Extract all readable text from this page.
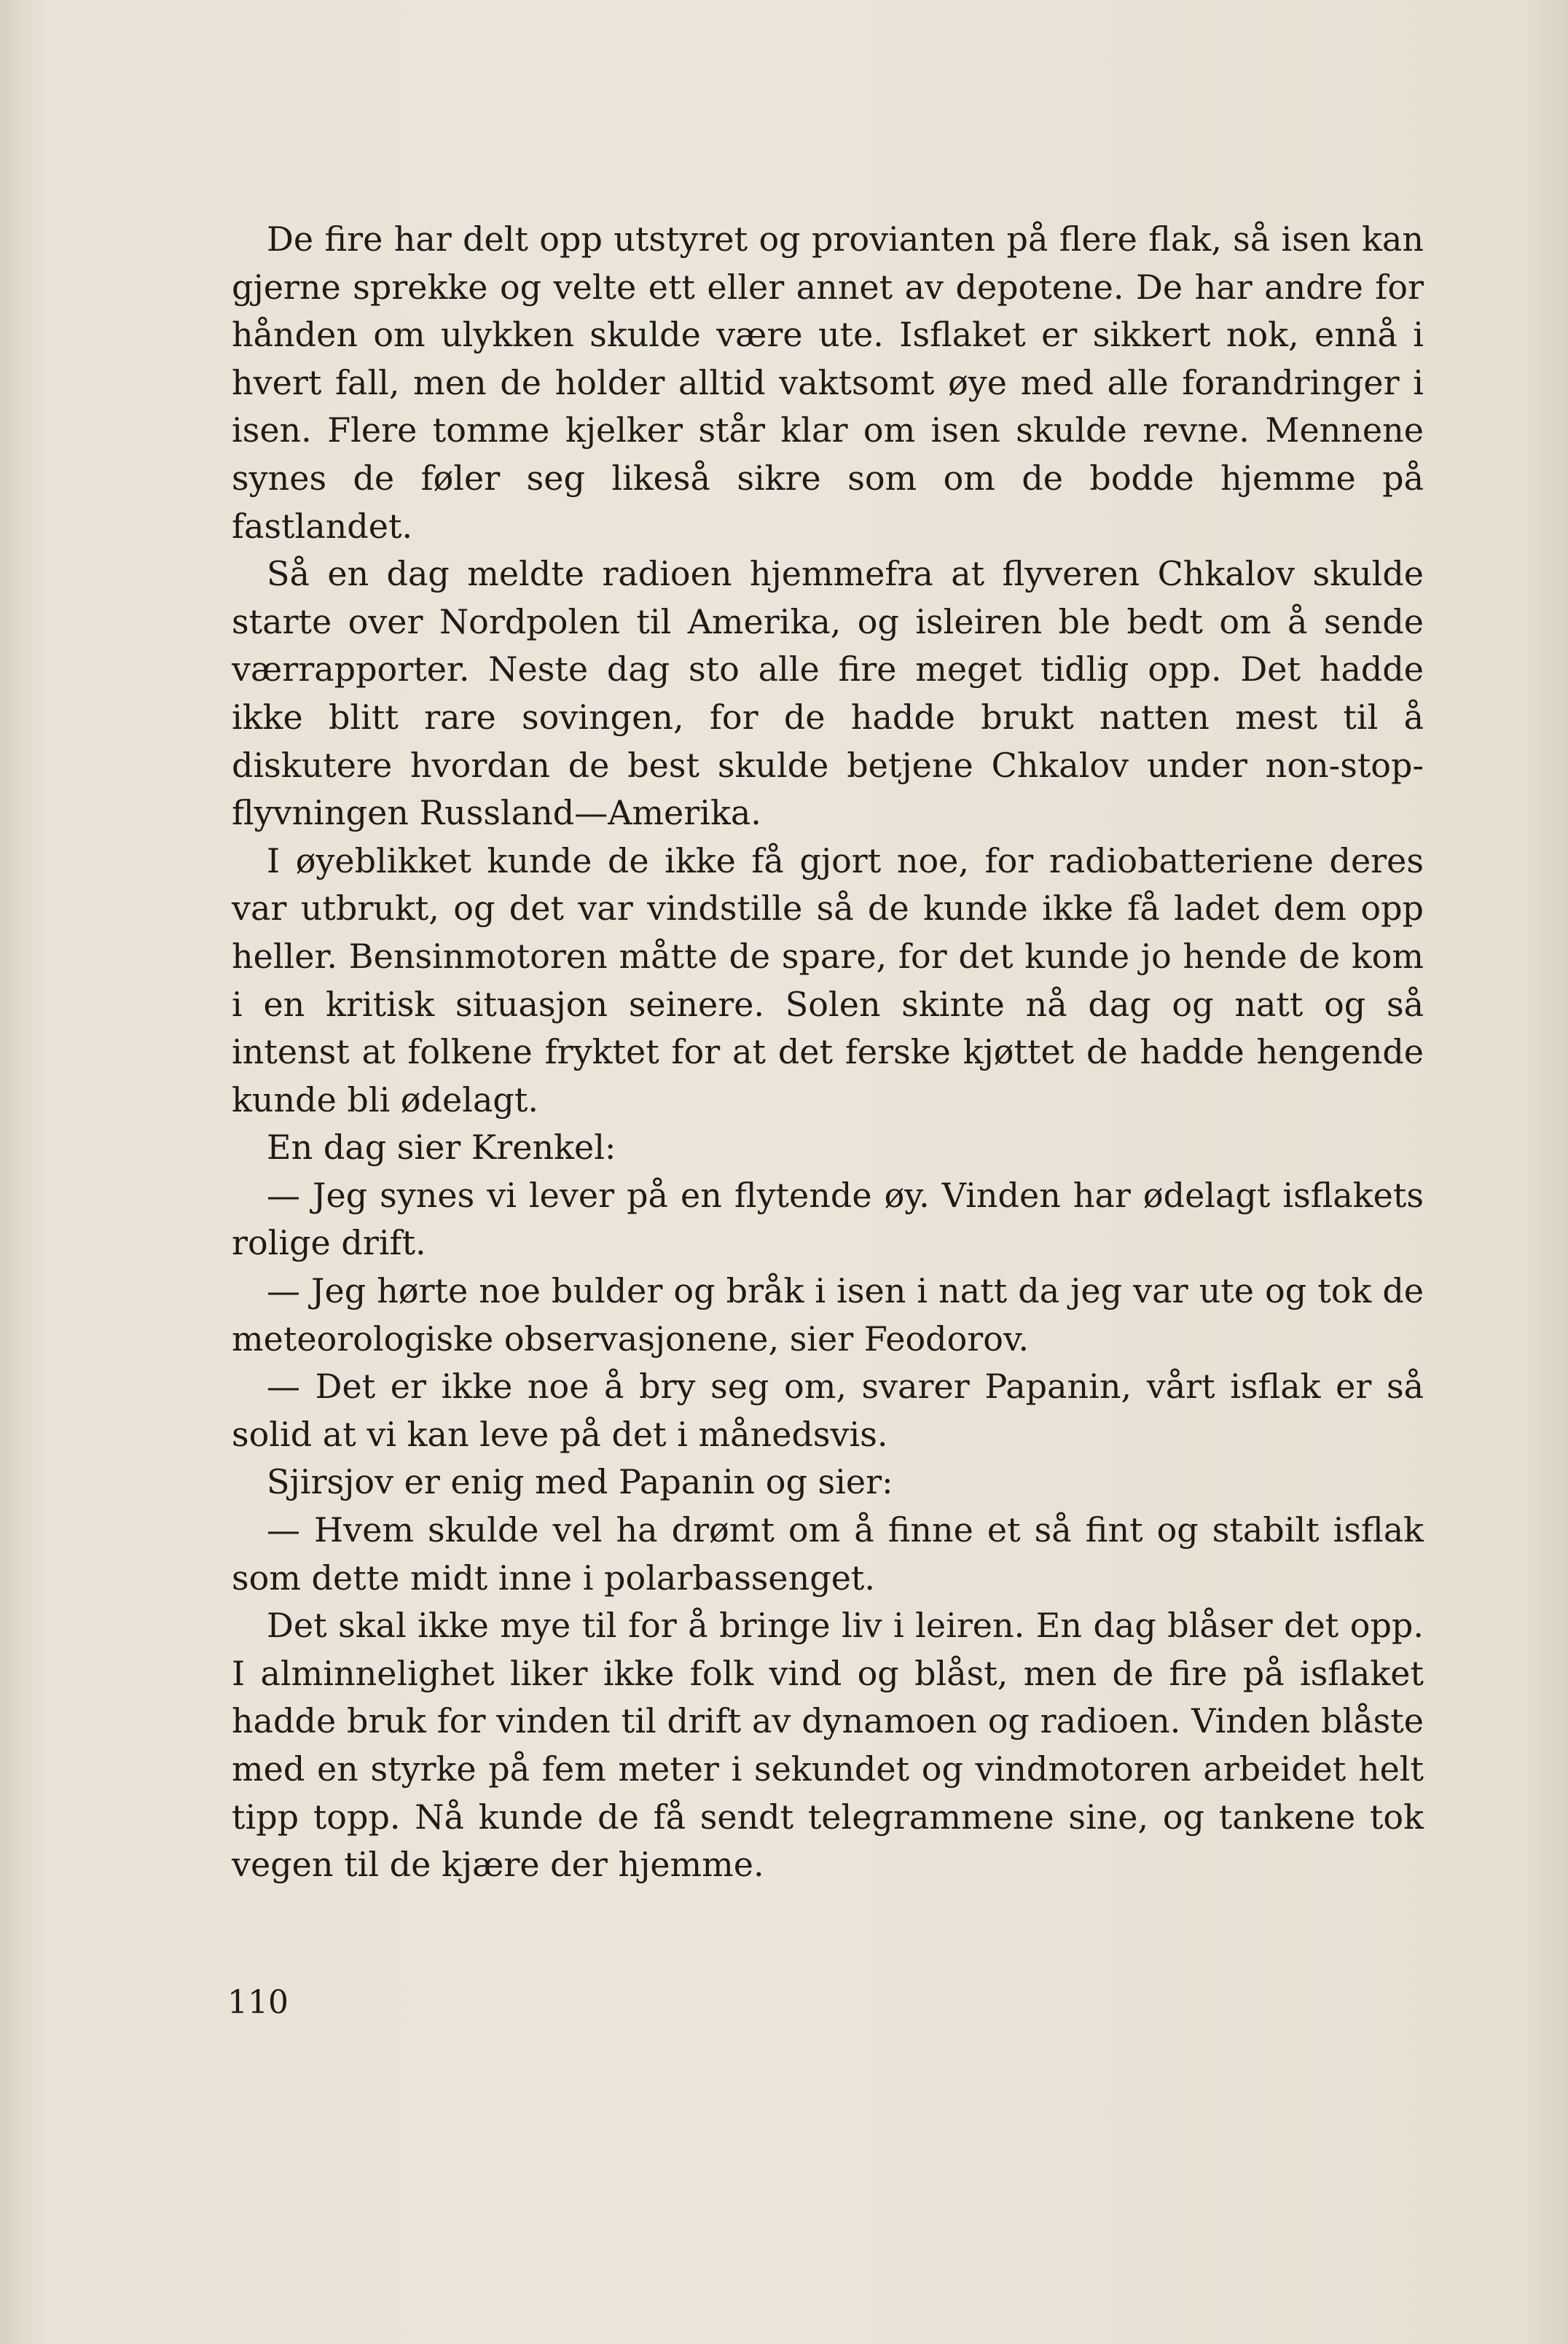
De fire har delt opp utstyret og provianten på flere flak, så isen kan gjerne sprekke og velte ett eller annet av depotene. De har andre for hånden om ulykken skulde være ute. Isflaket er sikkert nok, ennå i hvert fall, men de holder alltid vaktsomt øye med alle forandringer i isen. Flere tomme kjelker står klar om isen skulde revne. Mennene synes de føler seg likeså sikre som om de bodde hjemme på fastlandet.

Så en dag meldte radioen hjemmefra at flyveren Chkalov skulde starte over Nordpolen til Amerika, og isleiren ble bedt om å sende værrapporter. Neste dag sto alle fire meget tidlig opp. Det hadde ikke blitt rare sovingen, for de hadde brukt natten mest til å diskutere hvordan de best skulde betjene Chkalov under non-stop-flyvningen Russland—Amerika.

I øyeblikket kunde de ikke få gjort noe, for radiobatteriene deres var utbrukt, og det var vindstille så de kunde ikke få ladet dem opp heller. Bensinmotoren måtte de spare, for det kunde jo hende de kom i en kritisk situasjon seinere. Solen skinte nå dag og natt og så intenst at folkene fryktet for at det ferske kjøttet de hadde hengende kunde bli ødelagt.

En dag sier Krenkel:

— Jeg synes vi lever på en flytende øy. Vinden har ødelagt isflakets rolige drift.

— Jeg hørte noe bulder og bråk i isen i natt da jeg var ute og tok de meteorologiske observasjonene, sier Feodorov.

— Det er ikke noe å bry seg om, svarer Papanin, vårt isflak er så solid at vi kan leve på det i månedsvis.

Sjirsjov er enig med Papanin og sier:

— Hvem skulde vel ha drømt om å finne et så fint og stabilt isflak som dette midt inne i polarbassenget.

Det skal ikke mye til for å bringe liv i leiren. En dag blåser det opp. I alminnelighet liker ikke folk vind og blåst, men de fire på isflaket hadde bruk for vinden til drift av dynamoen og radioen. Vinden blåste med en styrke på fem meter i sekundet og vindmotoren arbeidet helt tipp topp. Nå kunde de få sendt telegrammene sine, og tankene tok vegen til de kjære der hjemme.

110
